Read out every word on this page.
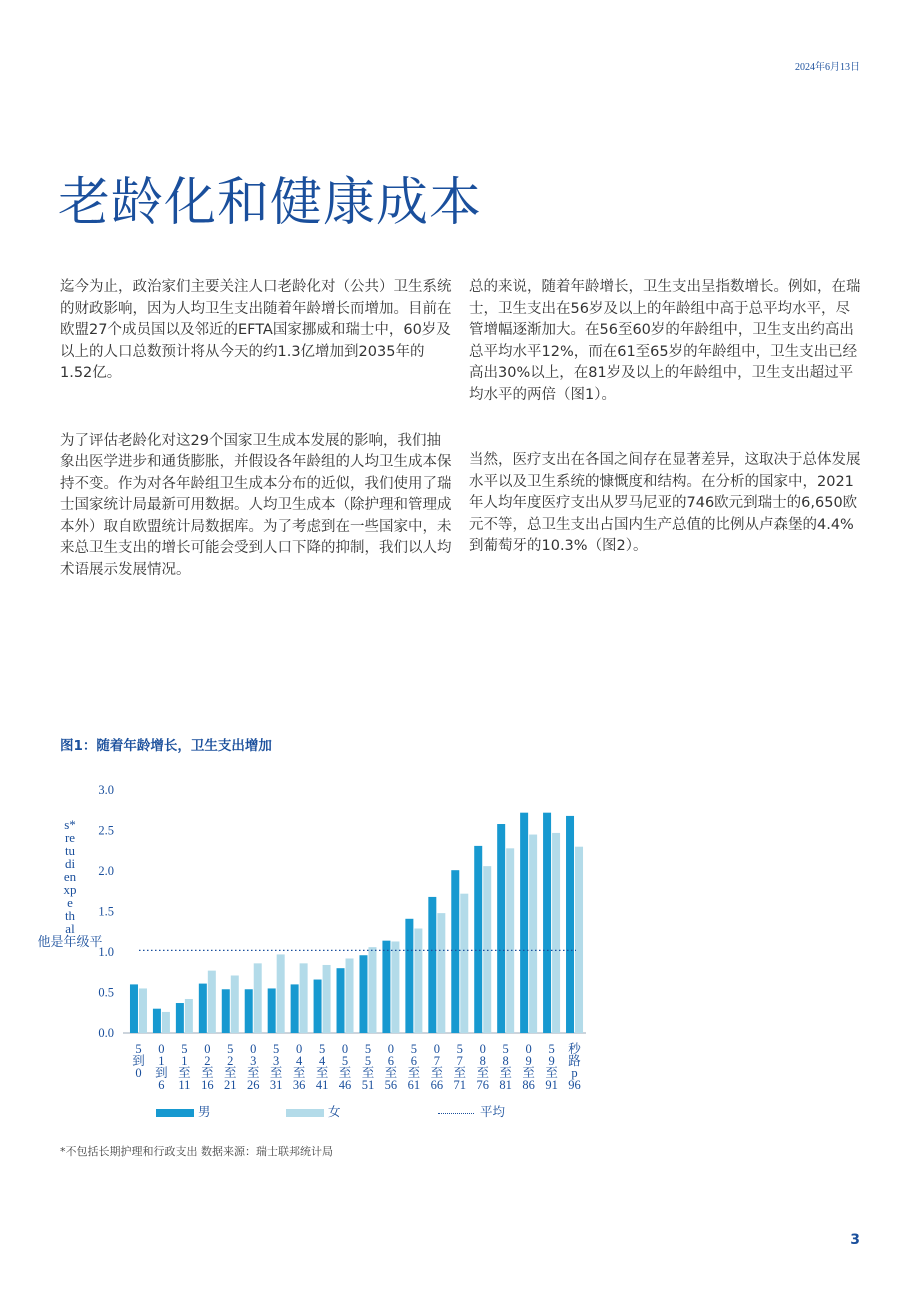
2024年6月13日
老龄化和健康成本

迄今为止，政治家们主要关注人口老龄化对（公共）卫生系统的财政影响，因为人均卫生支出随着年龄增长而增加。目前在欧盟27个成员国以及邻近的EFTA国家挪威和瑞士中，60岁及以上的人口总数预计将从今天的约1.3亿增加到2035年的1.52亿。

为了评估老龄化对这29个国家卫生成本发展的影响，我们抽象出医学进步和通货膨胀，并假设各年龄组的人均卫生成本保持不变。作为对各年龄组卫生成本分布的近似，我们使用了瑞士国家统计局最新可用数据。人均卫生成本（除护理和管理成本外）取自欧盟统计局数据库。为了考虑到在一些国家中，未来总卫生支出的增长可能会受到人口下降的抑制，我们以人均术语展示发展情况。

总的来说，随着年龄增长，卫生支出呈指数增长。例如，在瑞士，卫生支出在56岁及以上的年龄组中高于总平均水平，尽管增幅逐渐加大。在56至60岁的年龄组中，卫生支出约高出总平均水平12%，而在61至65岁的年龄组中，卫生支出已经高出30%以上，在81岁及以上的年龄组中，卫生支出超过平均水平的两倍（图1）。

当然，医疗支出在各国之间存在显著差异，这取决于总体发展水平以及卫生系统的慷慨度和结构。在分析的国家中，2021年人均年度医疗支出从罗马尼亚的746欧元到瑞士的6,650欧元不等，总卫生支出占国内生产总值的比例从卢森堡的4.4%到葡萄牙的10.3%（图2）。

图1：随着年龄增长，卫生支出增加
0.0
0.5
1.0
1.5
2.0
2.5
3.0
s*
re
tu
di
en
xp
e
th
al
他是年级平
5 到 0
0 1 到 6
5 1 至 11
0 2 至 16
5 2 至 21
0 3 至 26
5 3 至 31
0 4 至 36
5 4 至 41
0 5 至 46
5 5 至 51
0 6 至 56
5 6 至 61
0 7 至 66
5 7 至 71
0 8 至 76
5 8 至 81
0 9 至 86
5 9 至 91
秒路 p 96
男	女	平均
*不包括长期护理和行政支出 数据来源：瑞士联邦统计局
3
